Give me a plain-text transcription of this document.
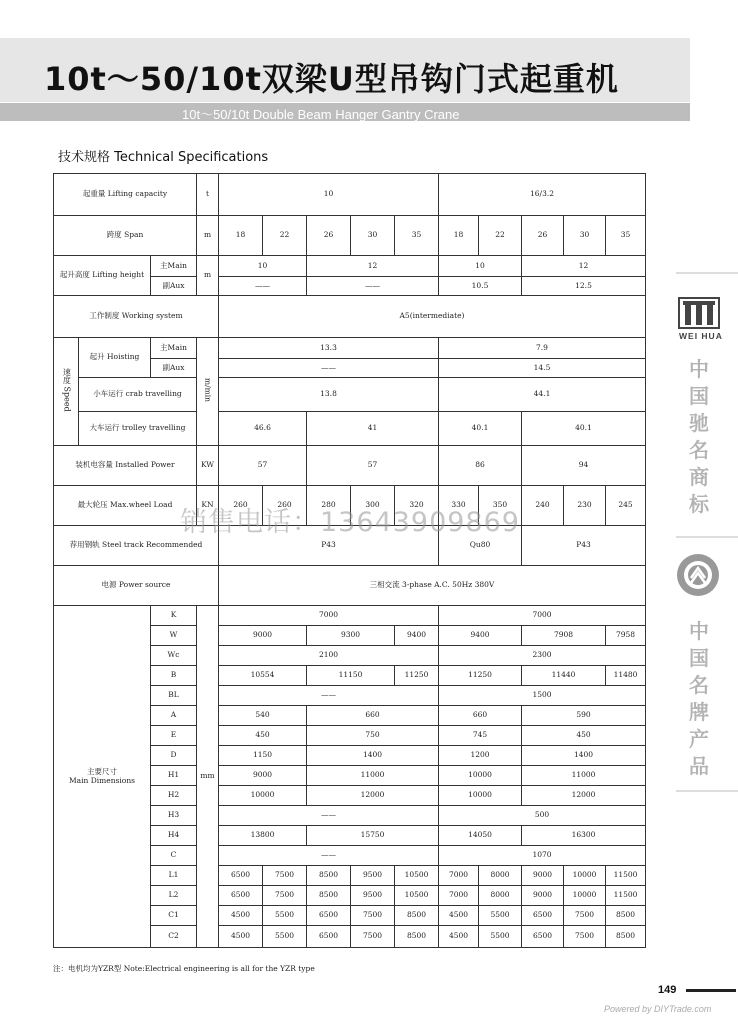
10t～50/10t双梁U型吊钩门式起重机
10t～50/10t Double Beam Hanger Gantry Crane
技术规格 Technical Specifications
起重量 Lifting capacity			t	10					16/3.2				
跨度 Span			m	18	22	26	30	35	18	22	26	30	35
起升高度 Lifting height		主Main	m	10		12			10		12		
		副Aux		——		——			10.5		12.5		
工作制度 Working system				A5(intermediate)									
速度 Speed	起升 Hoisting	主Main	m/min	13.3					7.9				
		副Aux		——					14.5				
	小车运行 crab travelling			13.8					44.1				
	大车运行 trolley travelling			46.6		41			40.1		40.1		

装机电容量 Installed Power			KW	57		57			86		94		
最大轮压 Max.wheel Load			KN	260	260	280	300	320	330	350	240	230	245
荐用钢轨 Steel track Recommended				P43					Qu80		P43		
电源 Power source				三相交流 3-phase A.C. 50Hz 380V									
主要尺寸
Main Dimensions		K	mm	7000					7000				
		W		9000		9300		9400	9400		7908		7958
		Wc		2100					2300				
		B		10554		11150		11250	11250		11440		11480
		BL		——					1500				
		A		540		660			660		590		
		E		450		750			745		450		
		D		1150		1400			1200		1400		
		H1		9000		11000			10000		11000		
		H2		10000		12000			10000		12000		
		H3		——					500				
		H4		13800		15750			14050		16300		
		C		——					1070				
		L1		6500	7500	8500	9500	10500	7000	8000	9000	10000	11500
		L2		6500	7500	8500	9500	10500	7000	8000	9000	10000	11500
		C1		4500	5500	6500	7500	8500	4500	5500	6500	7500	8500
		C2		4500	5500	6500	7500	8500	4500	5500	6500	7500	8500
注：电机均为YZR型 Note:Electrical engineering is all for the YZR type
销售电话：13643909869
WEI HUA
中国驰名商标
中国名牌产品
149
Powered by DIYTrade.com
